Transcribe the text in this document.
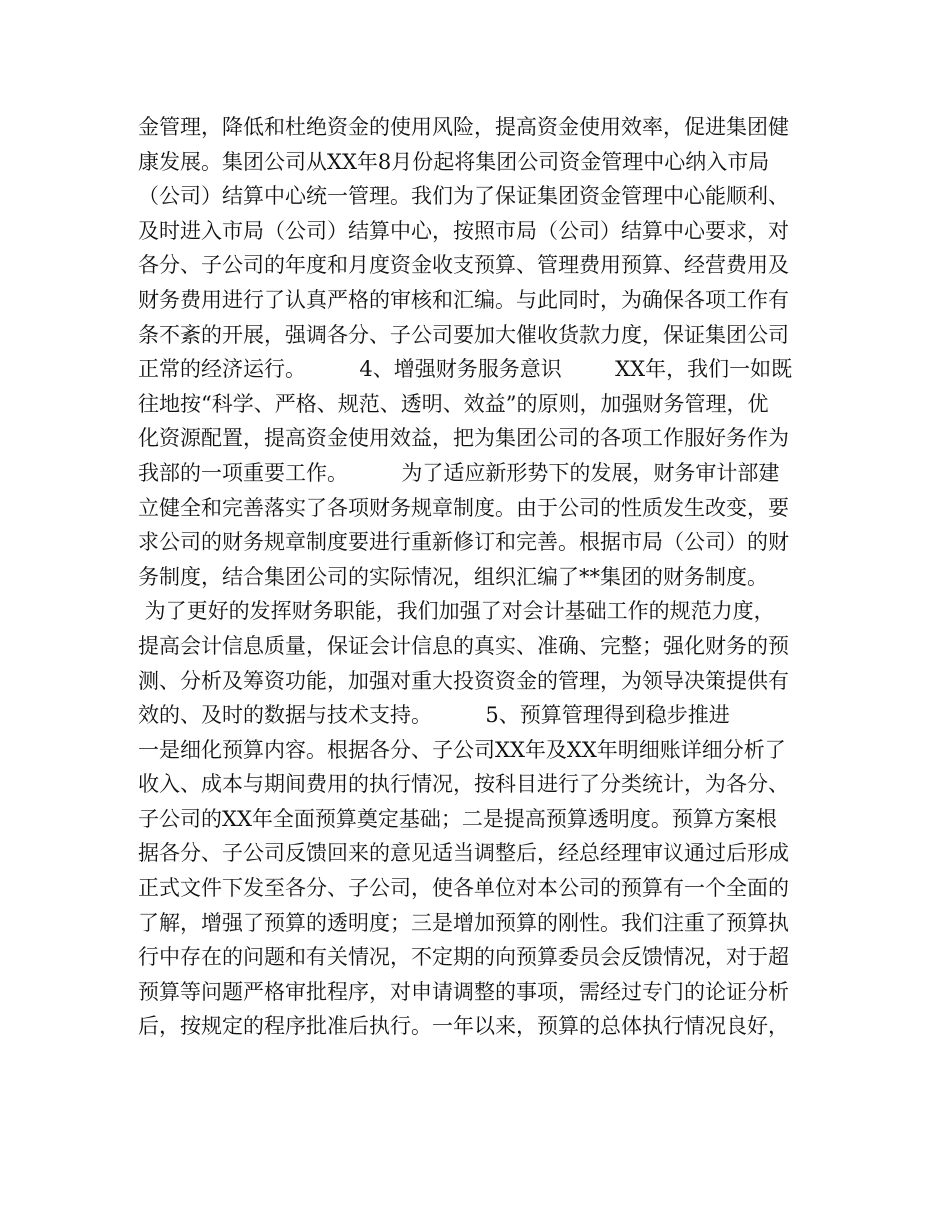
金管理，降低和杜绝资金的使用风险，提高资金使用效率，促进集团健
康发展。集团公司从XX年8月份起将集团公司资金管理中心纳入市局
（公司）结算中心统一管理。我们为了保证集团资金管理中心能顺利、
及时进入市局（公司）结算中心，按照市局（公司）结算中心要求，对
各分、子公司的年度和月度资金收支预算、管理费用预算、经营费用及
财务费用进行了认真严格的审核和汇编。与此同时，为确保各项工作有
条不紊的开展，强调各分、子公司要加大催收货款力度，保证集团公司
正常的经济运行。        4、增强财务服务意识        XX年，我们一如既
往地按“科学、严格、规范、透明、效益”的原则，加强财务管理，优
化资源配置，提高资金使用效益，把为集团公司的各项工作服好务作为
我部的一项重要工作。        为了适应新形势下的发展，财务审计部建
立健全和完善落实了各项财务规章制度。由于公司的性质发生改变，要
求公司的财务规章制度要进行重新修订和完善。根据市局（公司）的财
务制度，结合集团公司的实际情况，组织汇编了**集团的财务制度。
为了更好的发挥财务职能，我们加强了对会计基础工作的规范力度，
提高会计信息质量，保证会计信息的真实、准确、完整；强化财务的预
测、分析及筹资功能，加强对重大投资资金的管理，为领导决策提供有
效的、及时的数据与技术支持。        5、预算管理得到稳步推进
一是细化预算内容。根据各分、子公司XX年及XX年明细账详细分析了
收入、成本与期间费用的执行情况，按科目进行了分类统计，为各分、
子公司的XX年全面预算奠定基础；二是提高预算透明度。预算方案根
据各分、子公司反馈回来的意见适当调整后，经总经理审议通过后形成
正式文件下发至各分、子公司，使各单位对本公司的预算有一个全面的
了解，增强了预算的透明度；三是增加预算的刚性。我们注重了预算执
行中存在的问题和有关情况，不定期的向预算委员会反馈情况，对于超
预算等问题严格审批程序，对申请调整的事项，需经过专门的论证分析
后，按规定的程序批准后执行。一年以来，预算的总体执行情况良好，
